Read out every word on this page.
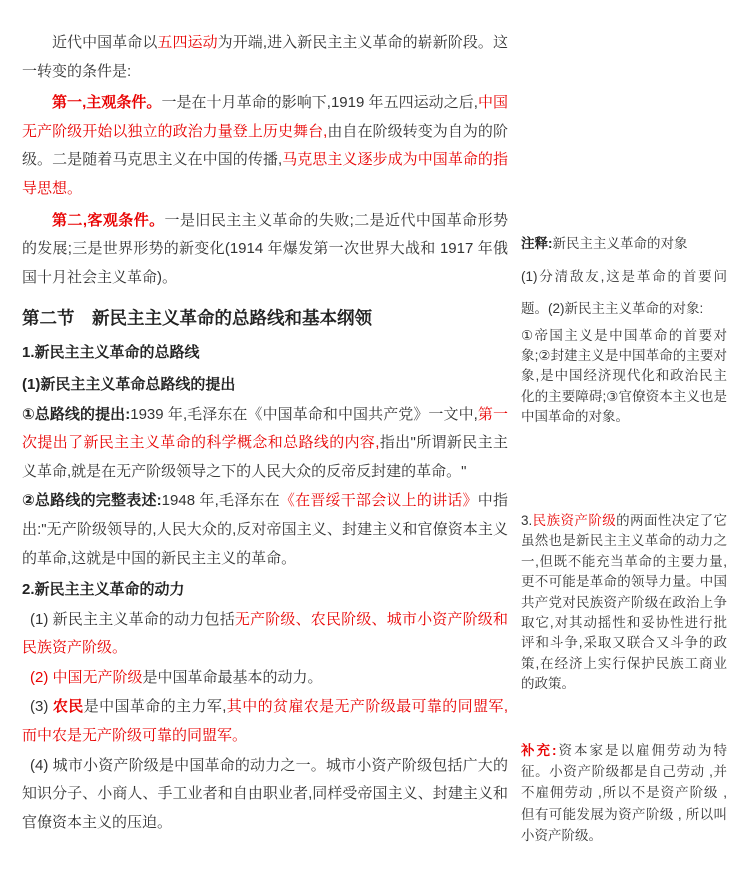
近代中国革命以五四运动为开端,进入新民主主义革命的崭新阶段。这一转变的条件是:
第一,主观条件。一是在十月革命的影响下,1919 年五四运动之后,中国无产阶级开始以独立的政治力量登上历史舞台,由自在阶级转变为自为的阶级。二是随着马克思主义在中国的传播,马克思主义逐步成为中国革命的指导思想。
第二,客观条件。一是旧民主主义革命的失败;二是近代中国革命形势的发展;三是世界形势的新变化(1914 年爆发第一次世界大战和 1917 年俄国十月社会主义革命)。
第二节　新民主主义革命的总路线和基本纲领
1.新民主主义革命的总路线
(1)新民主主义革命总路线的提出
①总路线的提出:1939 年,毛泽东在《中国革命和中国共产党》一文中,第一次提出了新民主主义革命的科学概念和总路线的内容,指出"所谓新民主主义革命,就是在无产阶级领导之下的人民大众的反帝反封建的革命。"
②总路线的完整表述:1948 年,毛泽东在《在晋绥干部会议上的讲话》中指出:"无产阶级领导的,人民大众的,反对帝国主义、封建主义和官僚资本主义的革命,这就是中国的新民主主义的革命。
2.新民主主义革命的动力
(1) 新民主主义革命的动力包括无产阶级、农民阶级、城市小资产阶级和民族资产阶级。
(2) 中国无产阶级是中国革命最基本的动力。
(3) 农民是中国革命的主力军,其中的贫雇农是无产阶级最可靠的同盟军,而中农是无产阶级可靠的同盟军。
(4) 城市小资产阶级是中国革命的动力之一。城市小资产阶级包括广大的知识分子、小商人、手工业者和自由职业者,同样受帝国主义、封建主义和官僚资本主义的压迫。
注释:新民主主义革命的对象
(1)分清敌友,这是革命的首要问题。(2)新民主主义革命的对象:
①帝国主义是中国革命的首要对象;②封建主义是中国革命的主要对象,是中国经济现代化和政治民主化的主要障碍;③官僚资本主义也是中国革命的对象。
3.民族资产阶级的两面性决定了它虽然也是新民主主义革命的动力之一,但既不能充当革命的主要力量,更不可能是革命的领导力量。中国共产党对民族资产阶级在政治上争取它,对其动摇性和妥协性进行批评和斗争,采取又联合又斗争的政策,在经济上实行保护民族工商业的政策。
补充:资本家是以雇佣劳动为特征。小资产阶级都是自己劳动 ,并不雇佣劳动 ,所以不是资产阶级 , 但有可能发展为资产阶级 , 所以叫小资产阶级。
